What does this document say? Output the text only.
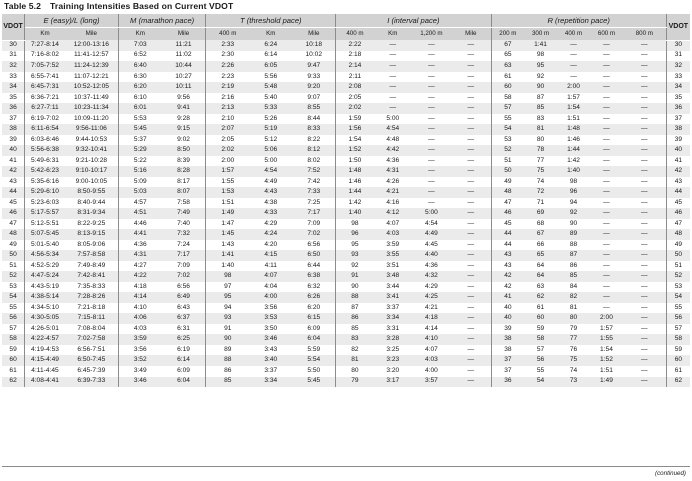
Table 5.2 Training Intensities Based on Current VDOT
VDOT	E (easy)/L (long)		M (marathon pace)		T (threshold pace)			I (interval pace)				R (repetition pace)					VDOT
	Km	Mile	Km	Mile	400 m	Km	Mile	400 m	Km	1,200 m	Mile	200 m	300 m	400 m	600 m	800 m	
30	7:27-8:14	12:00-13:16	7:03	11:21	2:33	6:24	10:18	2:22	—	—	—	67	1:41	—	—	—	30
31	7:16-8:02	11:41-12:57	6:52	11:02	2:30	6:14	10:02	2:18	—	—	—	65	98	—	—	—	31
32	7:05-7:52	11:24-12:39	6:40	10:44	2:26	6:05	9:47	2:14	—	—	—	63	95	—	—	—	32
33	6:55-7:41	11:07-12:21	6:30	10:27	2:23	5:56	9:33	2:11	—	—	—	61	92	—	—	—	33
34	6:45-7:31	10:52-12:05	6:20	10:11	2:19	5:48	9:20	2:08	—	—	—	60	90	2:00	—	—	34
35	6:36-7:21	10:37-11:49	6:10	9:56	2:16	5:40	9:07	2:05	—	—	—	58	87	1:57	—	—	35
36	6:27-7:11	10:23-11:34	6:01	9:41	2:13	5:33	8:55	2:02	—	—	—	57	85	1:54	—	—	36
37	6:19-7:02	10:09-11:20	5:53	9:28	2:10	5:26	8:44	1:59	5:00	—	—	55	83	1:51	—	—	37
38	6:11-6:54	9:56-11:06	5:45	9:15	2:07	5:19	8:33	1:56	4:54	—	—	54	81	1:48	—	—	38
39	6:03-6:46	9:44-10:53	5:37	9:02	2:05	5:12	8:22	1:54	4:48	—	—	53	80	1:46	—	—	39
40	5:56-6:38	9:32-10:41	5:29	8:50	2:02	5:06	8:12	1:52	4:42	—	—	52	78	1:44	—	—	40
41	5:49-6:31	9:21-10:28	5:22	8:39	2:00	5:00	8:02	1:50	4:36	—	—	51	77	1:42	—	—	41
42	5:42-6:23	9:10-10:17	5:16	8:28	1:57	4:54	7:52	1:48	4:31	—	—	50	75	1:40	—	—	42
43	5:35-6:16	9:00-10:05	5:09	8:17	1:55	4:49	7:42	1:46	4:26	—	—	49	74	98	—	—	43
44	5:29-6:10	8:50-9:55	5:03	8:07	1:53	4:43	7:33	1:44	4:21	—	—	48	72	96	—	—	44
45	5:23-6:03	8:40-9:44	4:57	7:58	1:51	4:38	7:25	1:42	4:16	—	—	47	71	94	—	—	45
46	5:17-5:57	8:31-9:34	4:51	7:49	1:49	4:33	7:17	1:40	4:12	5:00	—	46	69	92	—	—	46
47	5:12-5:51	8:22-9:25	4:46	7:40	1:47	4:29	7:09	98	4:07	4:54	—	45	68	90	—	—	47
48	5:07-5:45	8:13-9:15	4:41	7:32	1:45	4:24	7:02	96	4:03	4:49	—	44	67	89	—	—	48
49	5:01-5:40	8:05-9:06	4:36	7:24	1:43	4:20	6:56	95	3:59	4:45	—	44	66	88	—	—	49
50	4:56-5:34	7:57-8:58	4:31	7:17	1:41	4:15	6:50	93	3:55	4:40	—	43	65	87	—	—	50
51	4:52-5:29	7:49-8:49	4:27	7:09	1:40	4:11	6:44	92	3:51	4:36	—	43	64	86	—	—	51
52	4:47-5:24	7:42-8:41	4:22	7:02	98	4:07	6:38	91	3:48	4:32	—	42	64	85	—	—	52
53	4:43-5:19	7:35-8:33	4:18	6:56	97	4:04	6:32	90	3:44	4:29	—	42	63	84	—	—	53
54	4:38-5:14	7:28-8:26	4:14	6:49	95	4:00	6:26	88	3:41	4:25	—	41	62	82	—	—	54
55	4:34-5:10	7:21-8:18	4:10	6:43	94	3:56	6:20	87	3:37	4:21	—	40	61	81	—	—	55
56	4:30-5:05	7:15-8:11	4:06	6:37	93	3:53	6:15	86	3:34	4:18	—	40	60	80	2:00	—	56
57	4:26-5:01	7:08-8:04	4:03	6:31	91	3:50	6:09	85	3:31	4:14	—	39	59	79	1:57	—	57
58	4:22-4:57	7:02-7:58	3:59	6:25	90	3:46	6:04	83	3:28	4:10	—	38	58	77	1:55	—	58
59	4:19-4:53	6:56-7:51	3:56	6:19	89	3:43	5:59	82	3:25	4:07	—	38	57	76	1:54	—	59
60	4:15-4:49	6:50-7:45	3:52	6:14	88	3:40	5:54	81	3:23	4:03	—	37	56	75	1:52	—	60
61	4:11-4:45	6:45-7:39	3:49	6:09	86	3:37	5:50	80	3:20	4:00	—	37	55	74	1:51	—	61
62	4:08-4:41	6:39-7:33	3:46	6:04	85	3:34	5:45	79	3:17	3:57	—	36	54	73	1:49	—	62
(continued)
